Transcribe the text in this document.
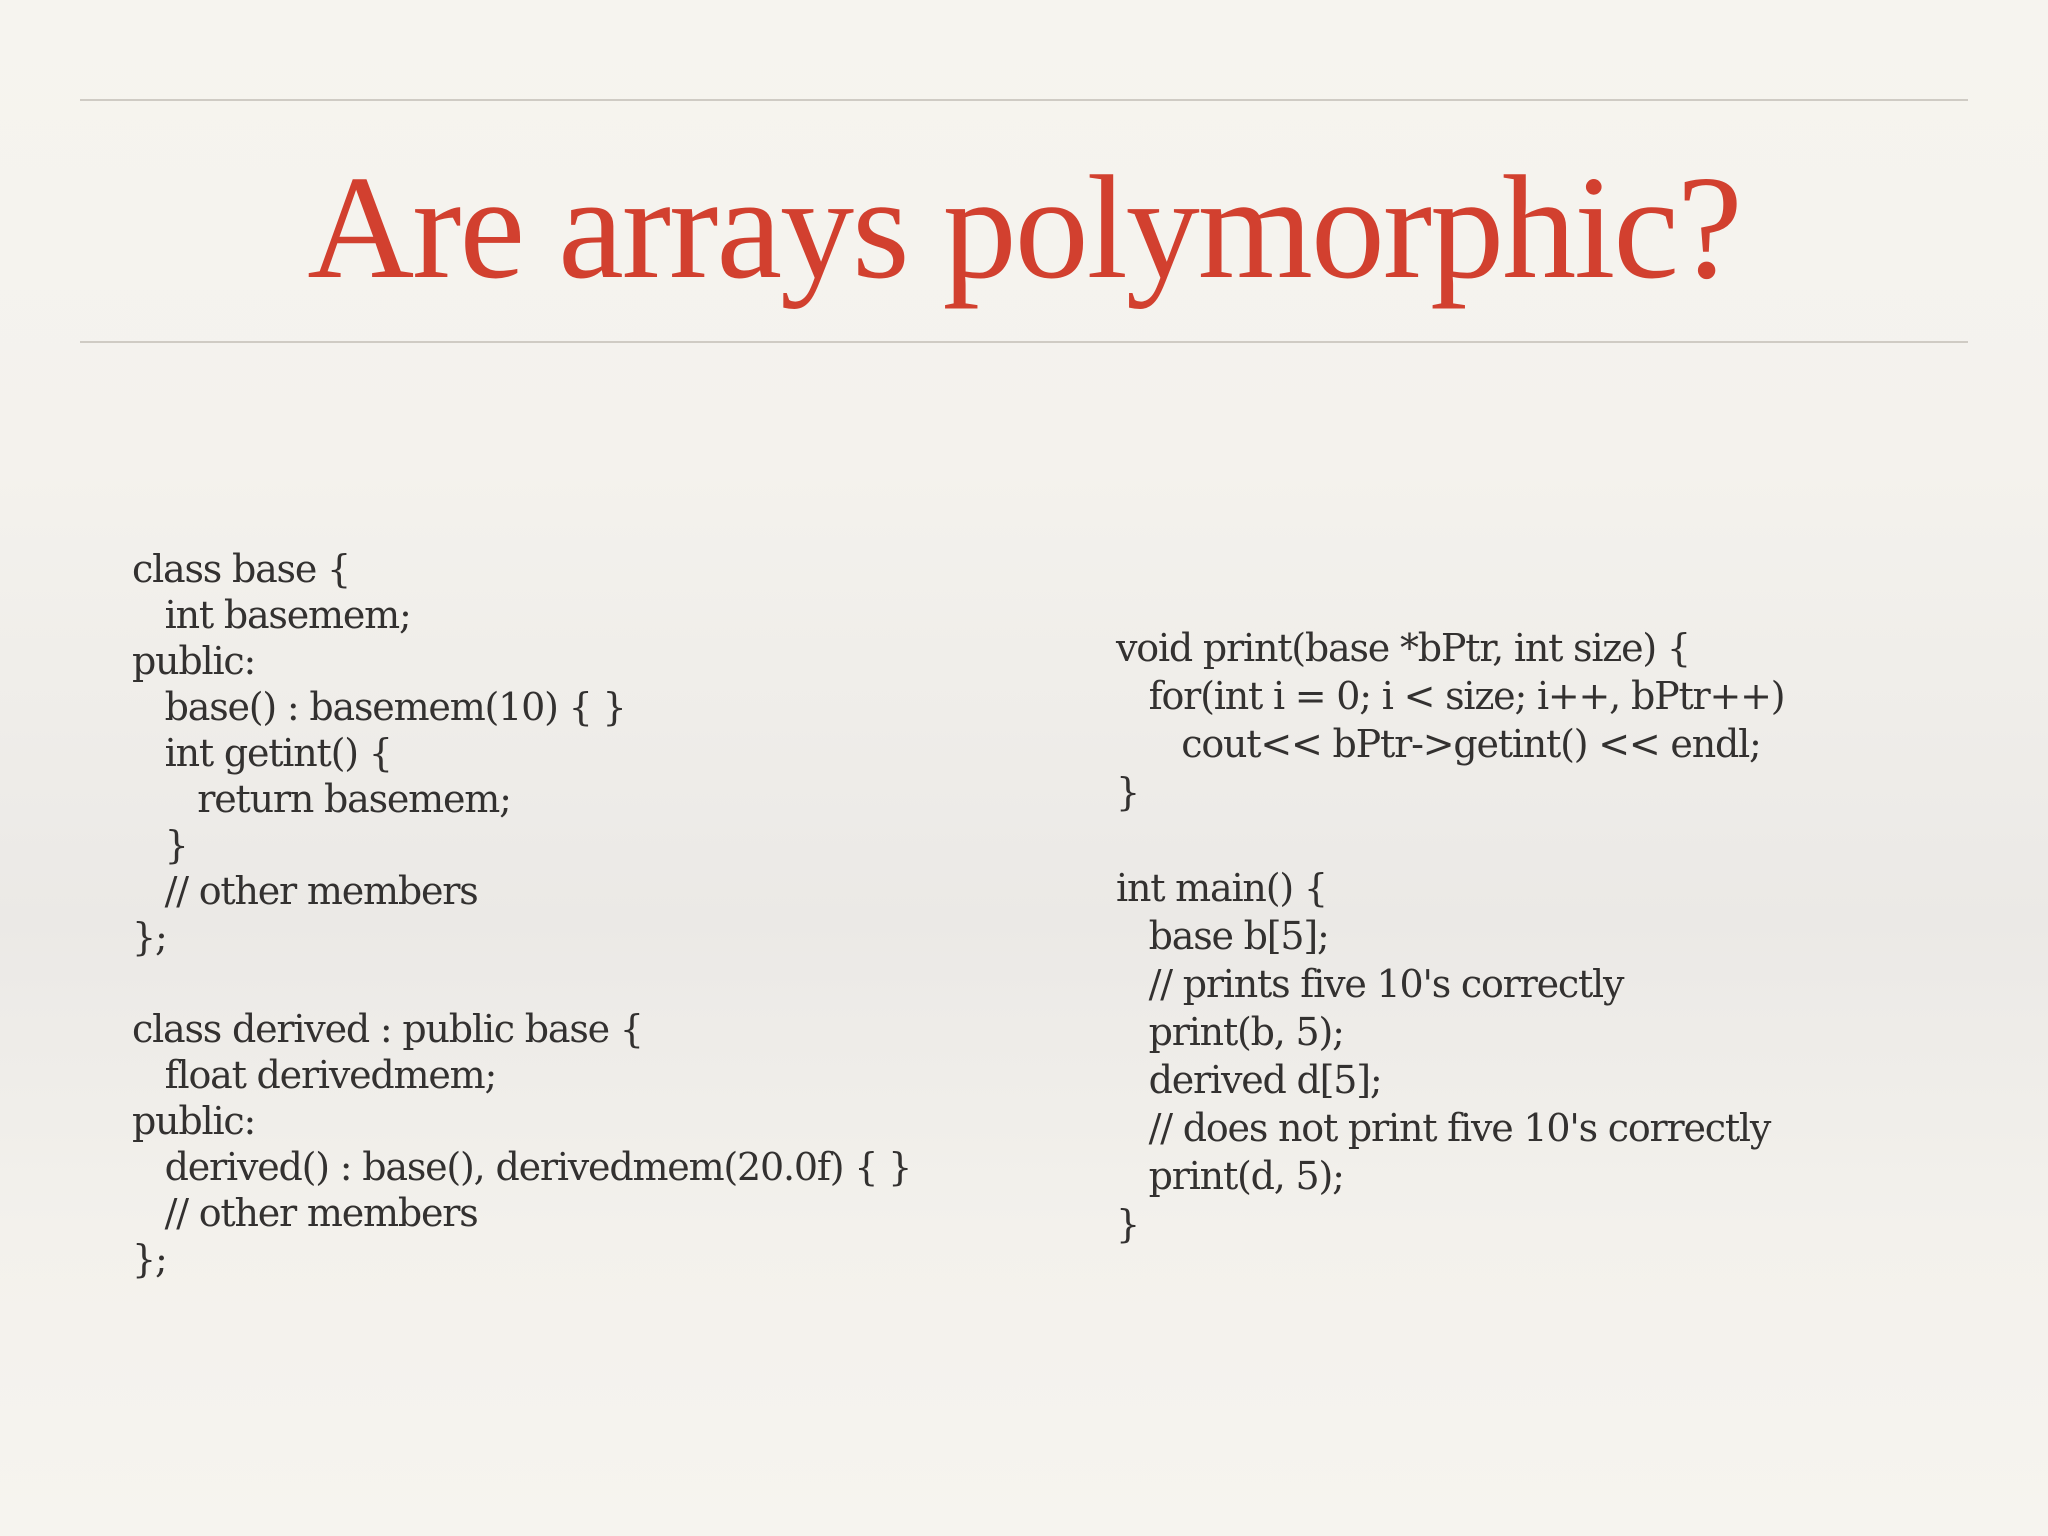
Are arrays polymorphic?
class base {
int basemem;
public:
base() : basemem(10) { }
int getint() {
return basemem;
}
// other members
};
class derived : public base {
float derivedmem;
public:
derived() : base(), derivedmem(20.0f) { }
// other members
};
void print(base *bPtr, int size) {
for(int i = 0; i < size; i++, bPtr++)
cout<< bPtr->getint() << endl;
}
int main() {
base b[5];
// prints five 10's correctly
print(b, 5);
derived d[5];
// does not print five 10's correctly
print(d, 5);
}
